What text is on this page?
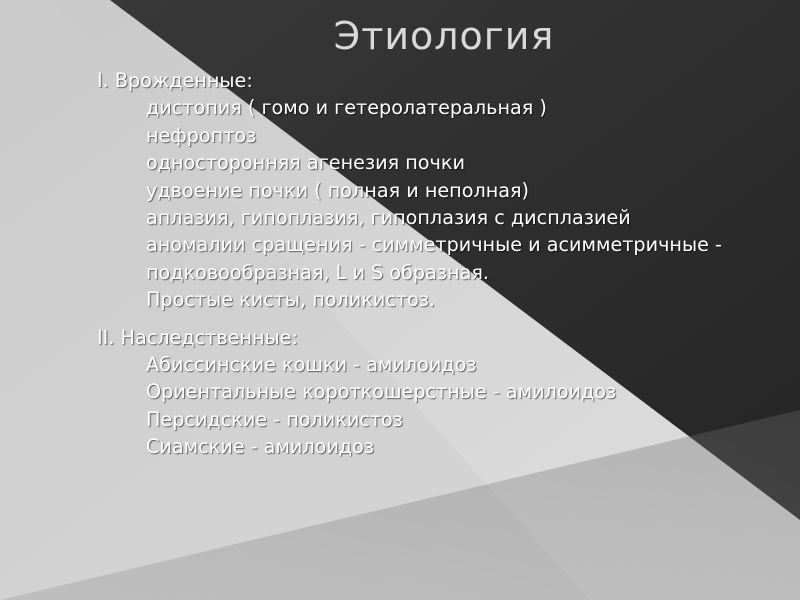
Этиология
I. Врожденные:
дистопия ( гомо и гетеролатеральная )
нефроптоз
односторонняя агенезия почки
удвоение почки ( полная и неполная)
аплазия, гипоплазия, гипоплазия с дисплазией
аномалии сращения - симметричные и асимметричные - подковообразная, L и S образная.
Простые кисты, поликистоз.
II. Наследственные:
Абиссинские кошки - амилоидоз
Ориентальные короткошерстные - амилоидоз
Персидские - поликистоз
Сиамские - амилоидоз
